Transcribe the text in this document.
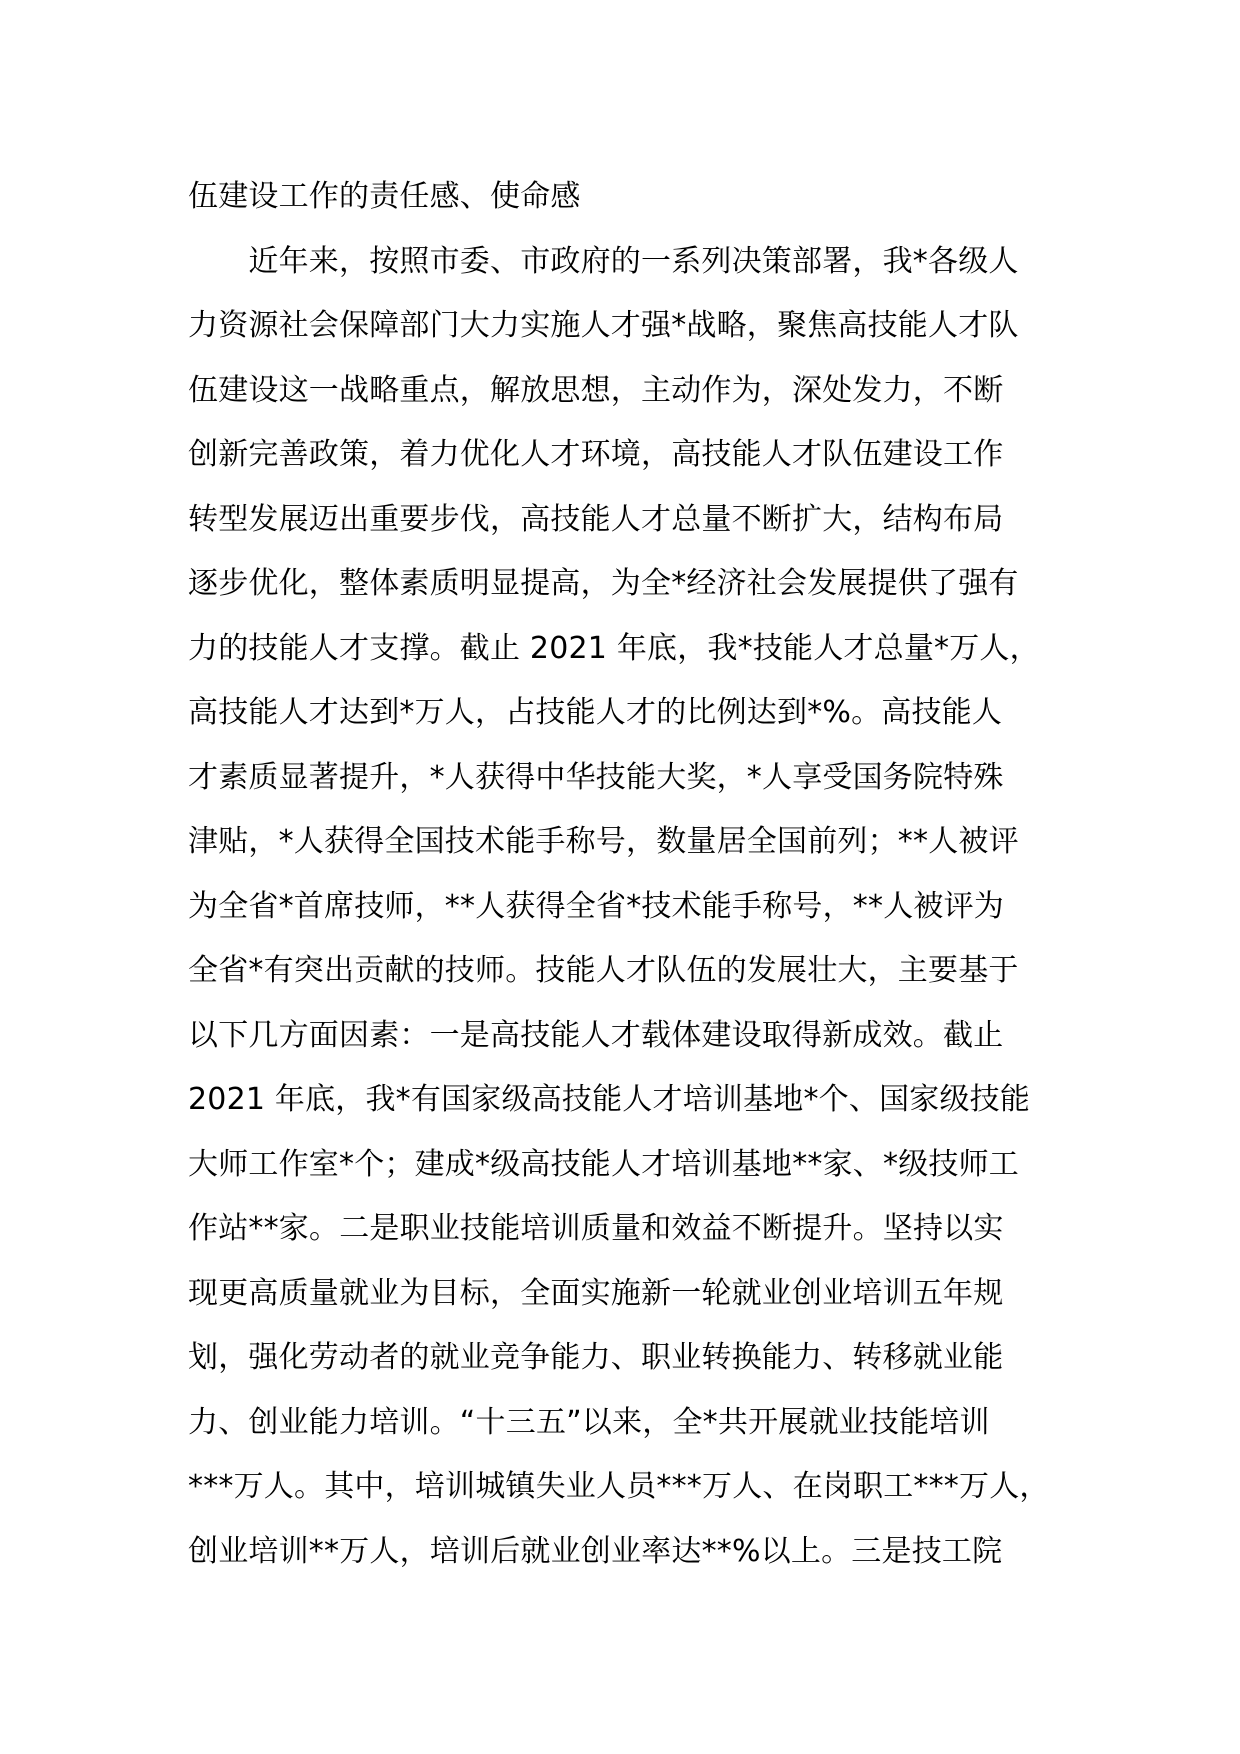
伍建设工作的责任感、使命感
　　近年来，按照市委、市政府的一系列决策部署，我*各级人
力资源社会保障部门大力实施人才强*战略，聚焦高技能人才队
伍建设这一战略重点，解放思想，主动作为，深处发力，不断
创新完善政策，着力优化人才环境，高技能人才队伍建设工作
转型发展迈出重要步伐，高技能人才总量不断扩大，结构布局
逐步优化，整体素质明显提高，为全*经济社会发展提供了强有
力的技能人才支撑。截止 2021 年底，我*技能人才总量*万人，
高技能人才达到*万人，占技能人才的比例达到*%。高技能人
才素质显著提升，*人获得中华技能大奖，*人享受国务院特殊
津贴，*人获得全国技术能手称号，数量居全国前列；**人被评
为全省*首席技师，**人获得全省*技术能手称号，**人被评为
全省*有突出贡献的技师。技能人才队伍的发展壮大，主要基于
以下几方面因素：一是高技能人才载体建设取得新成效。截止
2021 年底，我*有国家级高技能人才培训基地*个、国家级技能
大师工作室*个；建成*级高技能人才培训基地**家、*级技师工
作站**家。二是职业技能培训质量和效益不断提升。坚持以实
现更高质量就业为目标，全面实施新一轮就业创业培训五年规
划，强化劳动者的就业竞争能力、职业转换能力、转移就业能
力、创业能力培训。“十三五”以来，全*共开展就业技能培训
***万人。其中，培训城镇失业人员***万人、在岗职工***万人，
创业培训**万人，培训后就业创业率达**%以上。三是技工院
